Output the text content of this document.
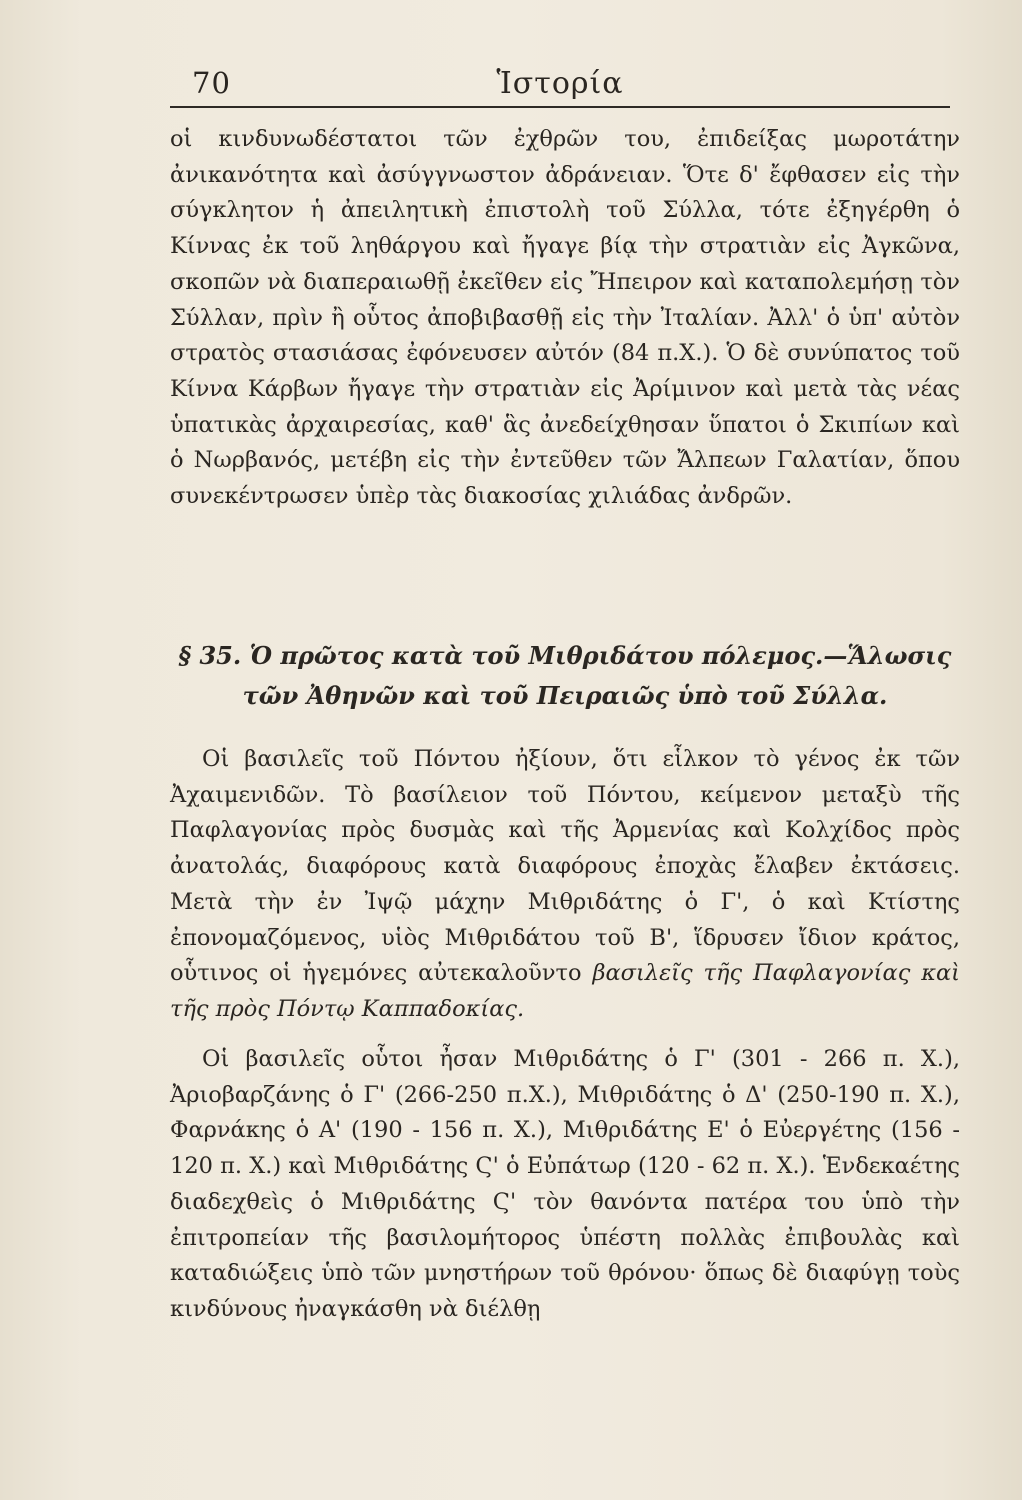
70	Ἱστορία

οἱ κινδυνωδέστατοι τῶν ἐχθρῶν του, ἐπιδείξας μωροτάτην ἀνικανότητα καὶ ἀσύγγνωστον ἀδράνειαν. Ὅτε δ' ἔφθασεν εἰς τὴν σύγκλητον ἡ ἀπειλητικὴ ἐπιστολὴ τοῦ Σύλλα, τότε ἐξηγέρθη ὁ Κίννας ἐκ τοῦ ληθάργου καὶ ἤγαγε βίᾳ τὴν στρατιὰν εἰς Ἀγκῶνα, σκοπῶν νὰ διαπεραιωθῇ ἐκεῖθεν εἰς Ἤπειρον καὶ καταπολεμήσῃ τὸν Σύλλαν, πρὶν ἢ οὗτος ἀποβιβασθῇ εἰς τὴν Ἰταλίαν. Ἀλλ' ὁ ὑπ' αὐτὸν στρατὸς στασιάσας ἐφόνευσεν αὐτόν (84 π.Χ.). Ὁ δὲ συνύπατος τοῦ Κίννα Κάρβων ἤγαγε τὴν στρατιὰν εἰς Ἀρίμινον καὶ μετὰ τὰς νέας ὑπατικὰς ἀρχαιρεσίας, καθ' ἃς ἀνεδείχθησαν ὕπατοι ὁ Σκιπίων καὶ ὁ Νωρβανός, μετέβη εἰς τὴν ἐντεῦθεν τῶν Ἄλπεων Γαλατίαν, ὅπου συνεκέντρωσεν ὑπὲρ τὰς διακοσίας χιλιάδας ἀνδρῶν.

§ 35. Ὁ πρῶτος κατὰ τοῦ Μιθριδάτου πόλεμος.—Ἅλωσις
τῶν Ἀθηνῶν καὶ τοῦ Πειραιῶς ὑπὸ τοῦ Σύλλα.

Οἱ βασιλεῖς τοῦ Πόντου ἠξίουν, ὅτι εἷλκον τὸ γένος ἐκ τῶν Ἀχαιμενιδῶν. Τὸ βασίλειον τοῦ Πόντου, κείμενον μεταξὺ τῆς Παφλαγονίας πρὸς δυσμὰς καὶ τῆς Ἀρμενίας καὶ Κολχίδος πρὸς ἀνατολάς, διαφόρους κατὰ διαφόρους ἐποχὰς ἔλαβεν ἐκτάσεις. Μετὰ τὴν ἐν Ἰψῷ μάχην Μιθριδάτης ὁ Γ', ὁ καὶ Κτίστης ἐπονομαζόμενος, υἱὸς Μιθριδάτου τοῦ Β', ἵδρυσεν ἴδιον κράτος, οὗτινος οἱ ἡγεμόνες αὐτεκαλοῦντο βασιλεῖς τῆς Παφλαγονίας καὶ τῆς πρὸς Πόντῳ Καππαδοκίας.

Οἱ βασιλεῖς οὗτοι ἦσαν Μιθριδάτης ὁ Γ' (301 - 266 π. Χ.), Ἀριοβαρζάνης ὁ Γ' (266-250 π.Χ.), Μιθριδάτης ὁ Δ' (250-190 π. Χ.), Φαρνάκης ὁ Α' (190 - 156 π. Χ.), Μιθριδάτης Ε' ὁ Εὐεργέτης (156 - 120 π. Χ.) καὶ Μιθριδάτης Ϛ' ὁ Εὐπάτωρ (120 - 62 π. Χ.). Ἑνδεκαέτης διαδεχθεὶς ὁ Μιθριδάτης Ϛ' τὸν θανόντα πατέρα του ὑπὸ τὴν ἐπιτροπείαν τῆς βασιλομήτορος ὑπέστη πολλὰς ἐπιβουλὰς καὶ καταδιώξεις ὑπὸ τῶν μνηστήρων τοῦ θρόνου· ὅπως δὲ διαφύγῃ τοὺς κινδύνους ἠναγκάσθη νὰ διέλθῃ
